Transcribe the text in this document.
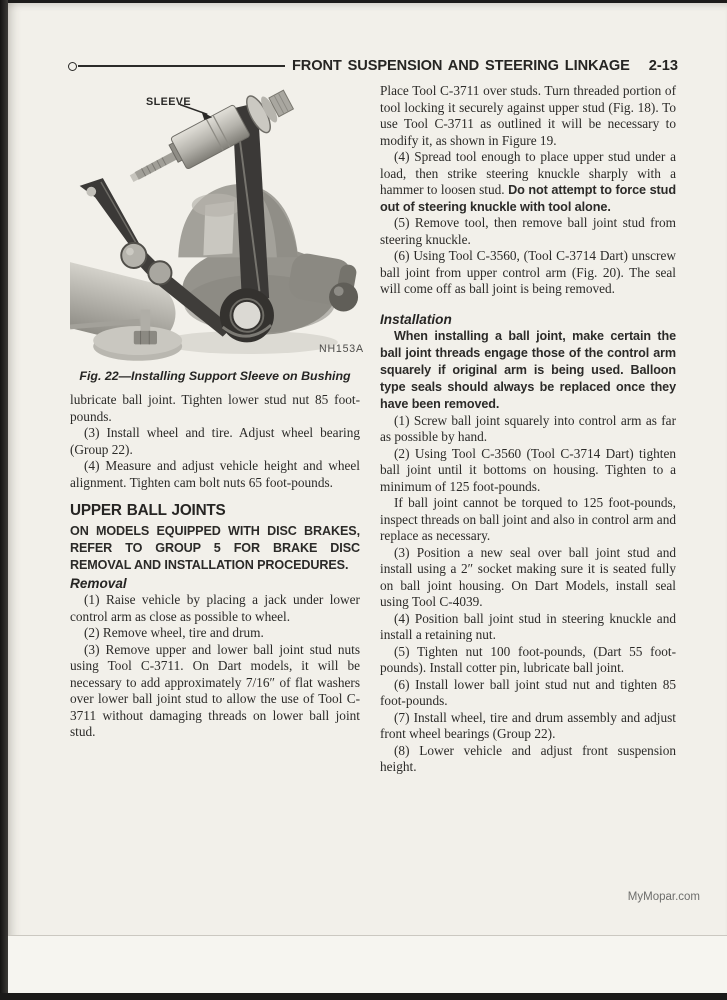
FRONT SUSPENSION AND STEERING LINKAGE 2-13
SLEEVE
NH153A
Fig. 22—Installing Support Sleeve on Bushing

lubricate ball joint. Tighten lower stud nut 85 foot-pounds.

(3) Install wheel and tire. Adjust wheel bearing (Group 22).

(4) Measure and adjust vehicle height and wheel alignment. Tighten cam bolt nuts 65 foot-pounds.

UPPER BALL JOINTS

ON MODELS EQUIPPED WITH DISC BRAKES, REFER TO GROUP 5 FOR BRAKE DISC REMOVAL AND INSTALLATION PROCEDURES.

Removal

(1) Raise vehicle by placing a jack under lower control arm as close as possible to wheel.

(2) Remove wheel, tire and drum.

(3) Remove upper and lower ball joint stud nuts using Tool C-3711. On Dart models, it will be necessary to add approximately 7/16″ of flat washers over lower ball joint stud to allow the use of Tool C-3711 without damaging threads on lower ball joint stud.

Place Tool C-3711 over studs. Turn threaded portion of tool locking it securely against upper stud (Fig. 18). To use Tool C-3711 as outlined it will be necessary to modify it, as shown in Figure 19.

(4) Spread tool enough to place upper stud under a load, then strike steering knuckle sharply with a hammer to loosen stud. Do not attempt to force stud out of steering knuckle with tool alone.

(5) Remove tool, then remove ball joint stud from steering knuckle.

(6) Using Tool C-3560, (Tool C-3714 Dart) unscrew ball joint from upper control arm (Fig. 20). The seal will come off as ball joint is being removed.

Installation

When installing a ball joint, make certain the ball joint threads engage those of the control arm squarely if original arm is being used. Balloon type seals should always be replaced once they have been removed.

(1) Screw ball joint squarely into control arm as far as possible by hand.

(2) Using Tool C-3560 (Tool C-3714 Dart) tighten ball joint until it bottoms on housing. Tighten to a minimum of 125 foot-pounds.

If ball joint cannot be torqued to 125 foot-pounds, inspect threads on ball joint and also in control arm and replace as necessary.

(3) Position a new seal over ball joint stud and install using a 2″ socket making sure it is seated fully on ball joint housing. On Dart Models, install seal using Tool C-4039.

(4) Position ball joint stud in steering knuckle and install a retaining nut.

(5) Tighten nut 100 foot-pounds, (Dart 55 foot-pounds). Install cotter pin, lubricate ball joint.

(6) Install lower ball joint stud nut and tighten 85 foot-pounds.

(7) Install wheel, tire and drum assembly and adjust front wheel bearings (Group 22).

(8) Lower vehicle and adjust front suspension height.

MyMopar.com
